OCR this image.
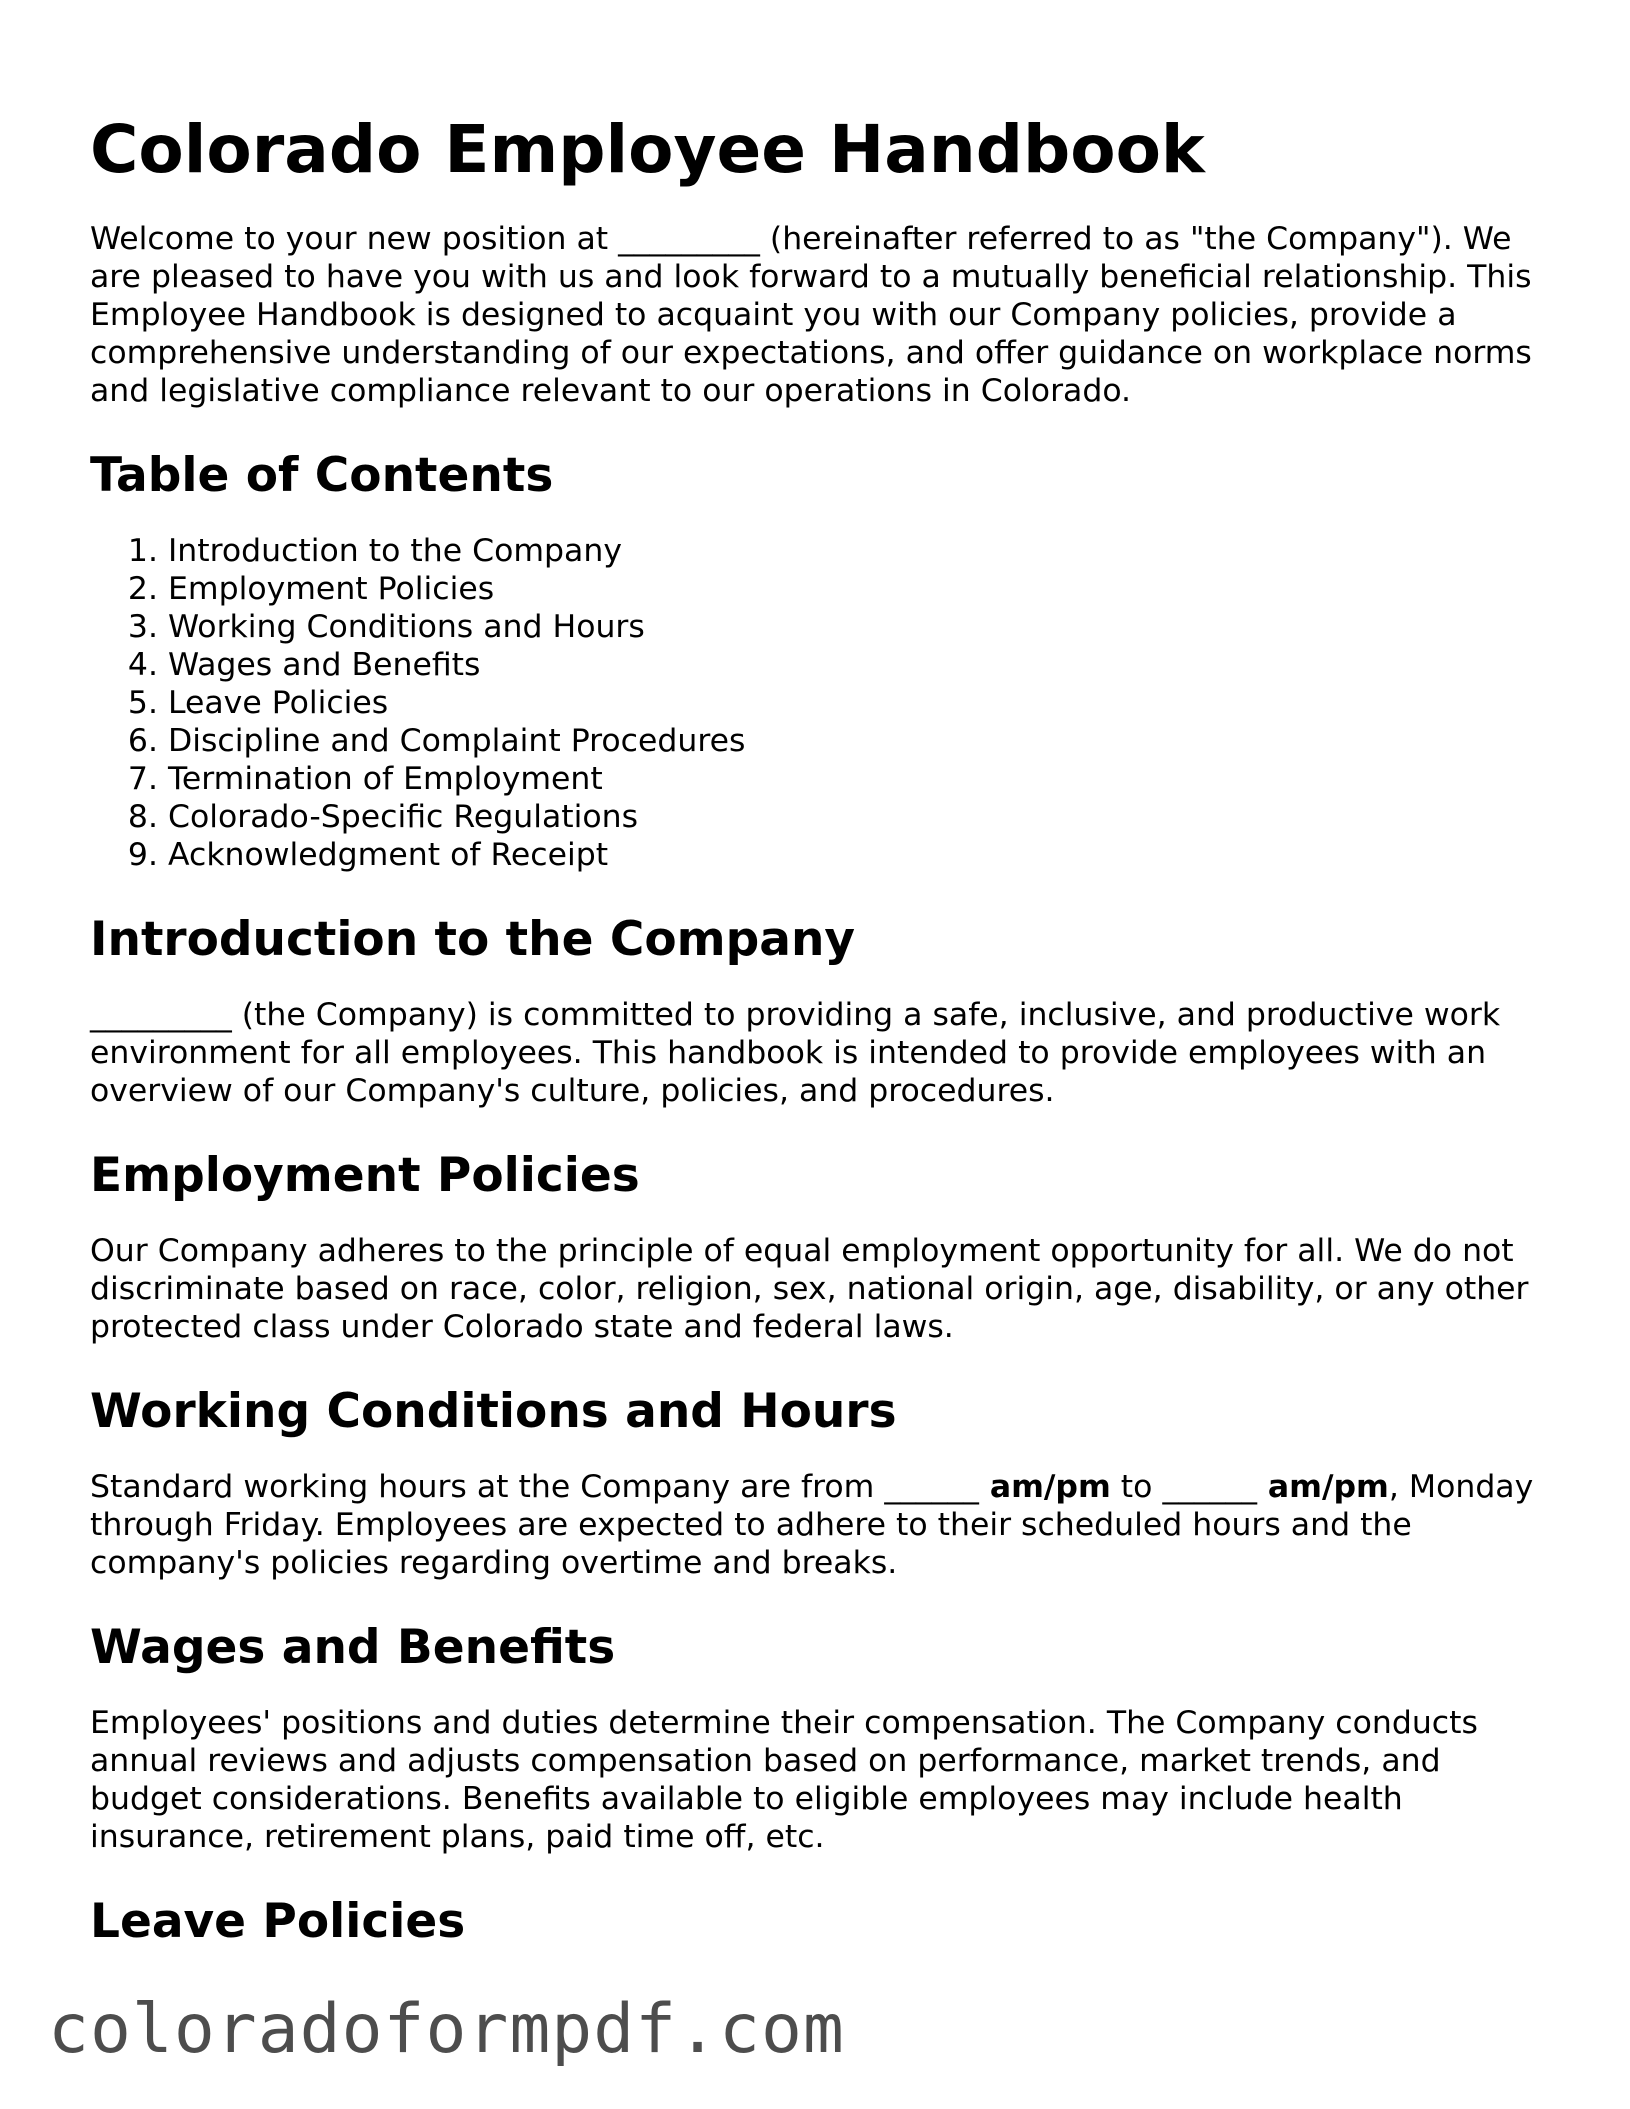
Colorado Employee Handbook

Welcome to your new position at _________ (hereinafter referred to as "the Company"). We are pleased to have you with us and look forward to a mutually beneficial relationship. This Employee Handbook is designed to acquaint you with our Company policies, provide a comprehensive understanding of our expectations, and offer guidance on workplace norms and legislative compliance relevant to our operations in Colorado.

Table of Contents
1. Introduction to the Company
2. Employment Policies
3. Working Conditions and Hours
4. Wages and Benefits
5. Leave Policies
6. Discipline and Complaint Procedures
7. Termination of Employment
8. Colorado-Specific Regulations
9. Acknowledgment of Receipt
Introduction to the Company

_________ (the Company) is committed to providing a safe, inclusive, and productive work environment for all employees. This handbook is intended to provide employees with an overview of our Company's culture, policies, and procedures.

Employment Policies

Our Company adheres to the principle of equal employment opportunity for all. We do not discriminate based on race, color, religion, sex, national origin, age, disability, or any other protected class under Colorado state and federal laws.

Working Conditions and Hours

Standard working hours at the Company are from ______ am/pm to ______ am/pm, Monday through Friday. Employees are expected to adhere to their scheduled hours and the company's policies regarding overtime and breaks.

Wages and Benefits

Employees' positions and duties determine their compensation. The Company conducts annual reviews and adjusts compensation based on performance, market trends, and budget considerations. Benefits available to eligible employees may include health insurance, retirement plans, paid time off, etc.

Leave Policies
coloradoformpdf.com
